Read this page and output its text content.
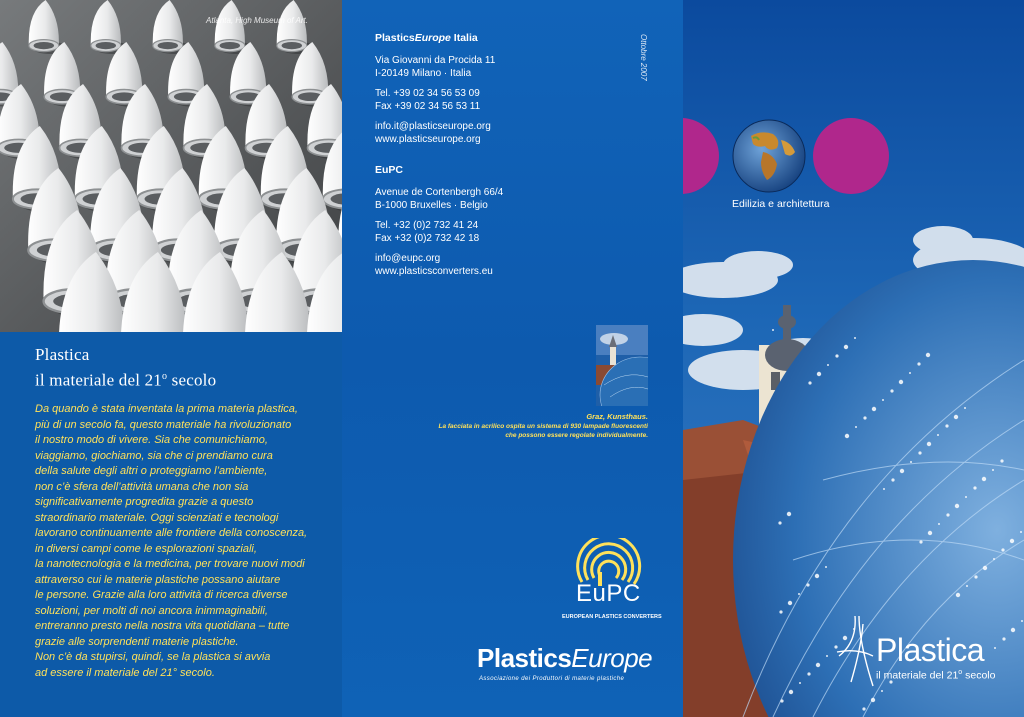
Atlanta, High Museum of Art.
Plastica
il materiale del 21$^o$ secolo

Da quando è stata inventata la prima materia plastica,

più di un secolo fa, questo materiale ha rivoluzionato

il nostro modo di vivere. Sia che comunichiamo,

viaggiamo, giochiamo, sia che ci prendiamo cura

della salute degli altri o proteggiamo l’ambiente,

non c’è sfera dell’attività umana che non sia

significativamente progredita grazie a questo

straordinario materiale. Oggi scienziati e tecnologi

lavorano continuamente alle frontiere della conoscenza,

in diversi campi come le esplorazioni spaziali,

la nanotecnologia e la medicina, per trovare nuovi modi

attraverso cui le materie plastiche possano aiutare

le persone. Grazie alla loro attività di ricerca diverse

soluzioni, per molti di noi ancora inimmaginabili,

entreranno presto nella nostra vita quotidiana – tutte

grazie alle sorprendenti materie plastiche.

Non c’è da stupirsi, quindi, se la plastica si avvia

ad essere il materiale del 21° secolo.

Ottobre 2007
PlasticsEurope Italia
Via Giovanni da Procida 11
I-20149 Milano · Italia
Tel. +39 02 34 56 53 09
Fax +39 02 34 56 53 11
info.it@plasticseurope.org
www.plasticseurope.org
EuPC
Avenue de Cortenbergh 66/4
B-1000 Bruxelles · Belgio
Tel. +32 (0)2 732 41 24
Fax +32 (0)2 732 42 18
info@eupc.org
www.plasticsconverters.eu
Graz, Kunsthaus.
La facciata in acrilico ospita un sistema di 930 lampade fluorescenti
che possono essere regolate individualmente.
EuPC
EUROPEAN PLASTICS CONVERTERS
PlasticsEurope
Associazione dei Produttori di materie plastiche
Edilizia e architettura
Plastica
il materiale del 21$^o$ secolo
